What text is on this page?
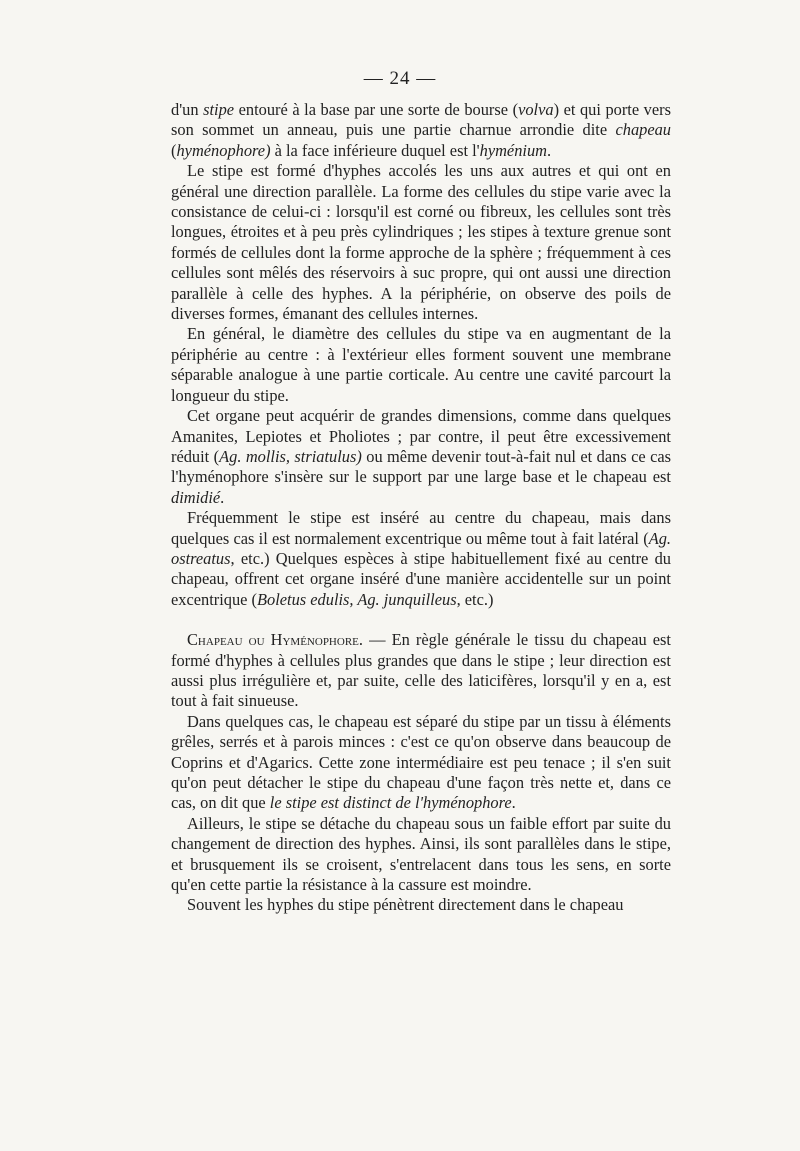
— 24 —

d'un stipe entouré à la base par une sorte de bourse (volva) et qui porte vers son sommet un anneau, puis une partie charnue arrondie dite chapeau (hyménophore) à la face inférieure duquel est l'hyménium.

Le stipe est formé d'hyphes accolés les uns aux autres et qui ont en général une direction parallèle. La forme des cellules du stipe varie avec la consistance de celui-ci : lorsqu'il est corné ou fibreux, les cellules sont très longues, étroites et à peu près cylindriques ; les stipes à texture grenue sont formés de cellules dont la forme approche de la sphère ; fréquemment à ces cellules sont mêlés des réservoirs à suc propre, qui ont aussi une direction parallèle à celle des hyphes. A la périphérie, on observe des poils de diverses formes, émanant des cellules internes.

En général, le diamètre des cellules du stipe va en augmentant de la périphérie au centre : à l'extérieur elles forment souvent une membrane séparable analogue à une partie corticale. Au centre une cavité parcourt la longueur du stipe.

Cet organe peut acquérir de grandes dimensions, comme dans quelques Amanites, Lepiotes et Pholiotes ; par contre, il peut être excessivement réduit (Ag. mollis, striatulus) ou même devenir tout-à-fait nul et dans ce cas l'hyménophore s'insère sur le support par une large base et le chapeau est dimidié.

Fréquemment le stipe est inséré au centre du chapeau, mais dans quelques cas il est normalement excentrique ou même tout à fait latéral (Ag. ostreatus, etc.) Quelques espèces à stipe habituellement fixé au centre du chapeau, offrent cet organe inséré d'une manière accidentelle sur un point excentrique (Boletus edulis, Ag. junquilleus, etc.)

Chapeau ou Hyménophore. — En règle générale le tissu du chapeau est formé d'hyphes à cellules plus grandes que dans le stipe ; leur direction est aussi plus irrégulière et, par suite, celle des laticifères, lorsqu'il y en a, est tout à fait sinueuse.

Dans quelques cas, le chapeau est séparé du stipe par un tissu à éléments grêles, serrés et à parois minces : c'est ce qu'on observe dans beaucoup de Coprins et d'Agarics. Cette zone intermédiaire est peu tenace ; il s'en suit qu'on peut détacher le stipe du chapeau d'une façon très nette et, dans ce cas, on dit que le stipe est distinct de l'hyménophore.

Ailleurs, le stipe se détache du chapeau sous un faible effort par suite du changement de direction des hyphes. Ainsi, ils sont parallèles dans le stipe, et brusquement ils se croisent, s'entrelacent dans tous les sens, en sorte qu'en cette partie la résistance à la cassure est moindre.

Souvent les hyphes du stipe pénètrent directement dans le chapeau
